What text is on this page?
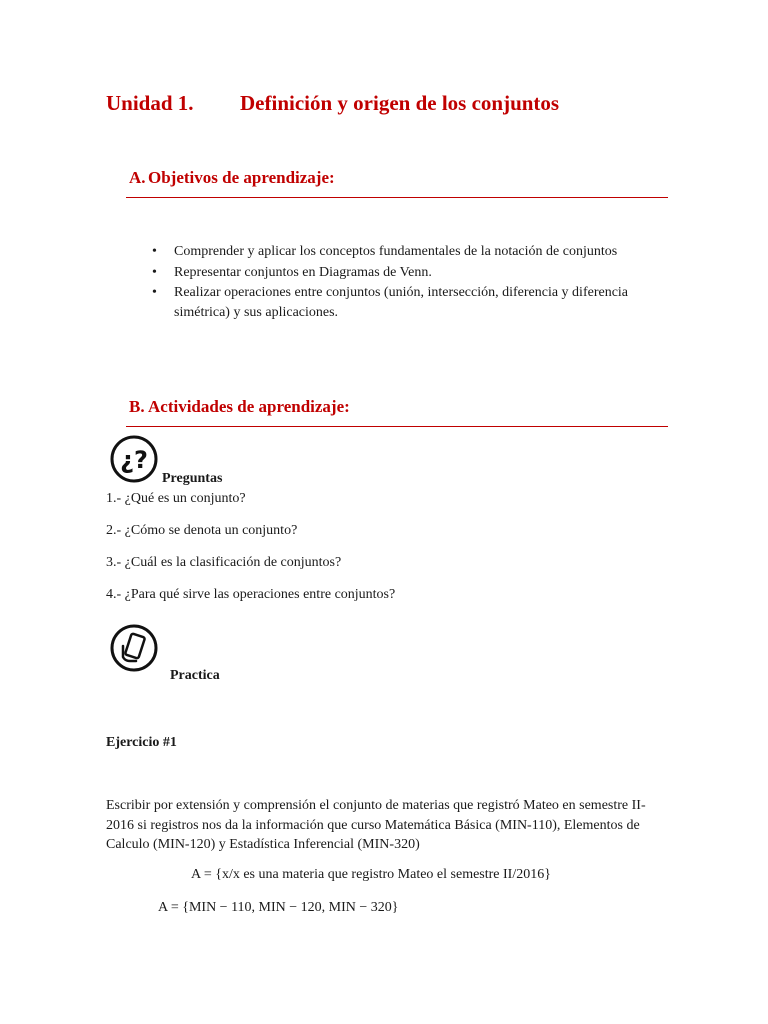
Unidad 1. Definición y origen de los conjuntos
A. Objetivos de aprendizaje:
• Comprender y aplicar los conceptos fundamentales de la notación de conjuntos
• Representar conjuntos en Diagramas de Venn.
• Realizar operaciones entre conjuntos (unión, intersección, diferencia y diferencia simétrica) y sus aplicaciones.
B. Actividades de aprendizaje:
¿?
Preguntas
1.- ¿Qué es un conjunto?
2.- ¿Cómo se denota un conjunto?
3.- ¿Cuál es la clasificación de conjuntos?
4.- ¿Para qué sirve las operaciones entre conjuntos?
Practica
Ejercicio #1
Escribir por extensión y comprensión el conjunto de materias que registró Mateo en semestre II-2016 si registros nos da la información que curso Matemática Básica (MIN-110), Elementos de Calculo (MIN-120) y Estadística Inferencial (MIN-320)
A = {x/x es una materia que registro Mateo el semestre II/2016}
A = {MIN − 110, MIN − 120, MIN − 320}
